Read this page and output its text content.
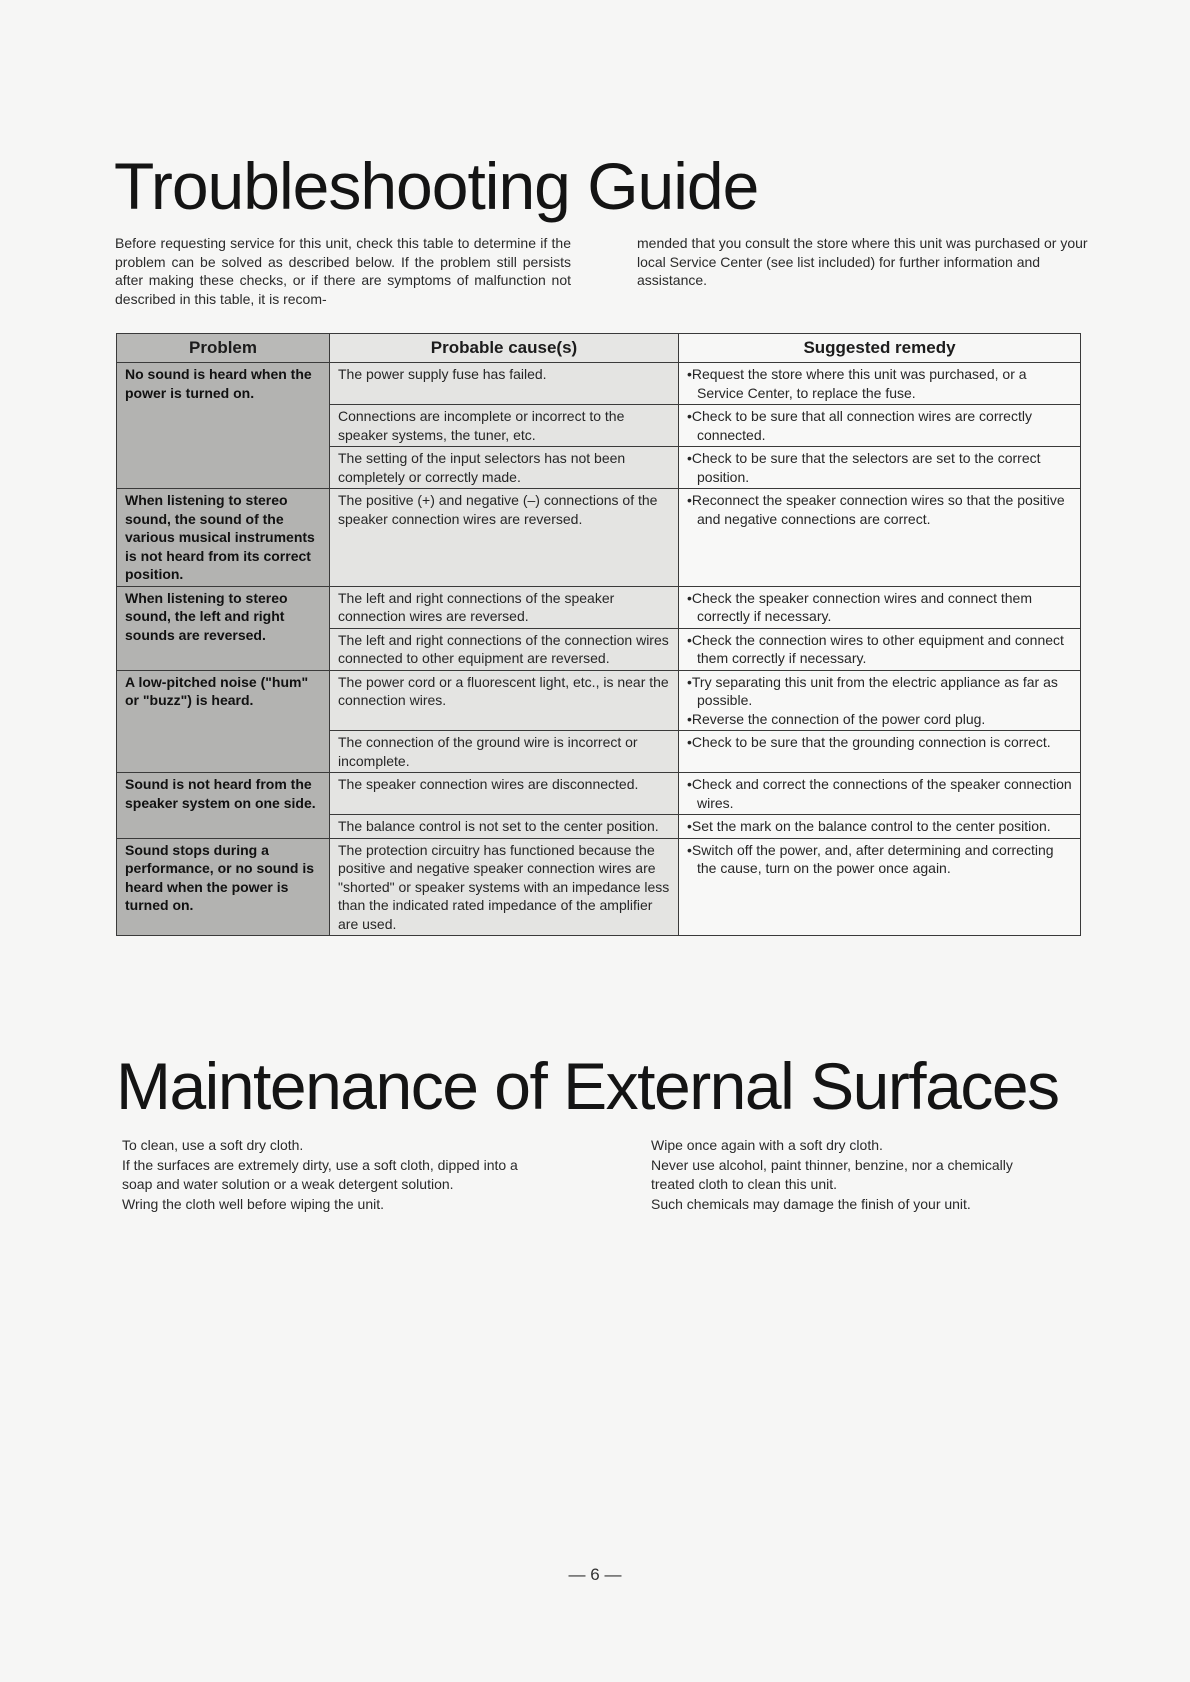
Troubleshooting Guide

Before requesting service for this unit, check this table to determine if the problem can be solved as described below. If the problem still persists after making these checks, or if there are symptoms of malfunction not described in this table, it is recom-

mended that you consult the store where this unit was purchased or your local Service Center (see list included) for further information and assistance.

Problem	Probable cause(s)	Suggested remedy
No sound is heard when the power is turned on.	The power supply fuse has failed.	•Request the store where this unit was purchased, or a Service Center, to replace the fuse.

	Connections are incomplete or incorrect to the speaker systems, the tuner, etc.	•Check to be sure that all connection wires are correctly connected.

	The setting of the input selectors has not been completely or correctly made.	•Check to be sure that the selectors are set to the correct position.

When listening to stereo sound, the sound of the various musical instruments is not heard from its correct position.	The positive (+) and negative (–) connections of the speaker connection wires are reversed.	•Reconnect the speaker connection wires so that the positive and negative connections are correct.

When listening to stereo sound, the left and right sounds are reversed.	The left and right connections of the speaker connection wires are reversed.	•Check the speaker connection wires and connect them correctly if necessary.

	The left and right connections of the connection wires connected to other equipment are reversed.	•Check the connection wires to other equipment and connect them correctly if necessary.

A low-pitched noise ("hum" or "buzz") is heard.	The power cord or a fluorescent light, etc., is near the connection wires.	•Try separating this unit from the electric appliance as far as possible.
•Reverse the connection of the power cord plug.

	The connection of the ground wire is incorrect or incomplete.	•Check to be sure that the grounding connection is correct.

Sound is not heard from the speaker system on one side.	The speaker connection wires are disconnected.	•Check and correct the connections of the speaker connection wires.

	The balance control is not set to the center position.	•Set the mark on the balance control to the center position.

Sound stops during a performance, or no sound is heard when the power is turned on.	The protection circuitry has functioned because the positive and negative speaker connection wires are "shorted" or speaker systems with an impedance less than the indicated rated impedance of the amplifier are used.	•Switch off the power, and, after determining and correcting the cause, turn on the power once again.
Maintenance of External Surfaces
To clean, use a soft dry cloth.
If the surfaces are extremely dirty, use a soft cloth, dipped into a
soap and water solution or a weak detergent solution.
Wring the cloth well before wiping the unit.
Wipe once again with a soft dry cloth.
Never use alcohol, paint thinner, benzine, nor a chemically
treated cloth to clean this unit.
Such chemicals may damage the finish of your unit.
— 6 —
